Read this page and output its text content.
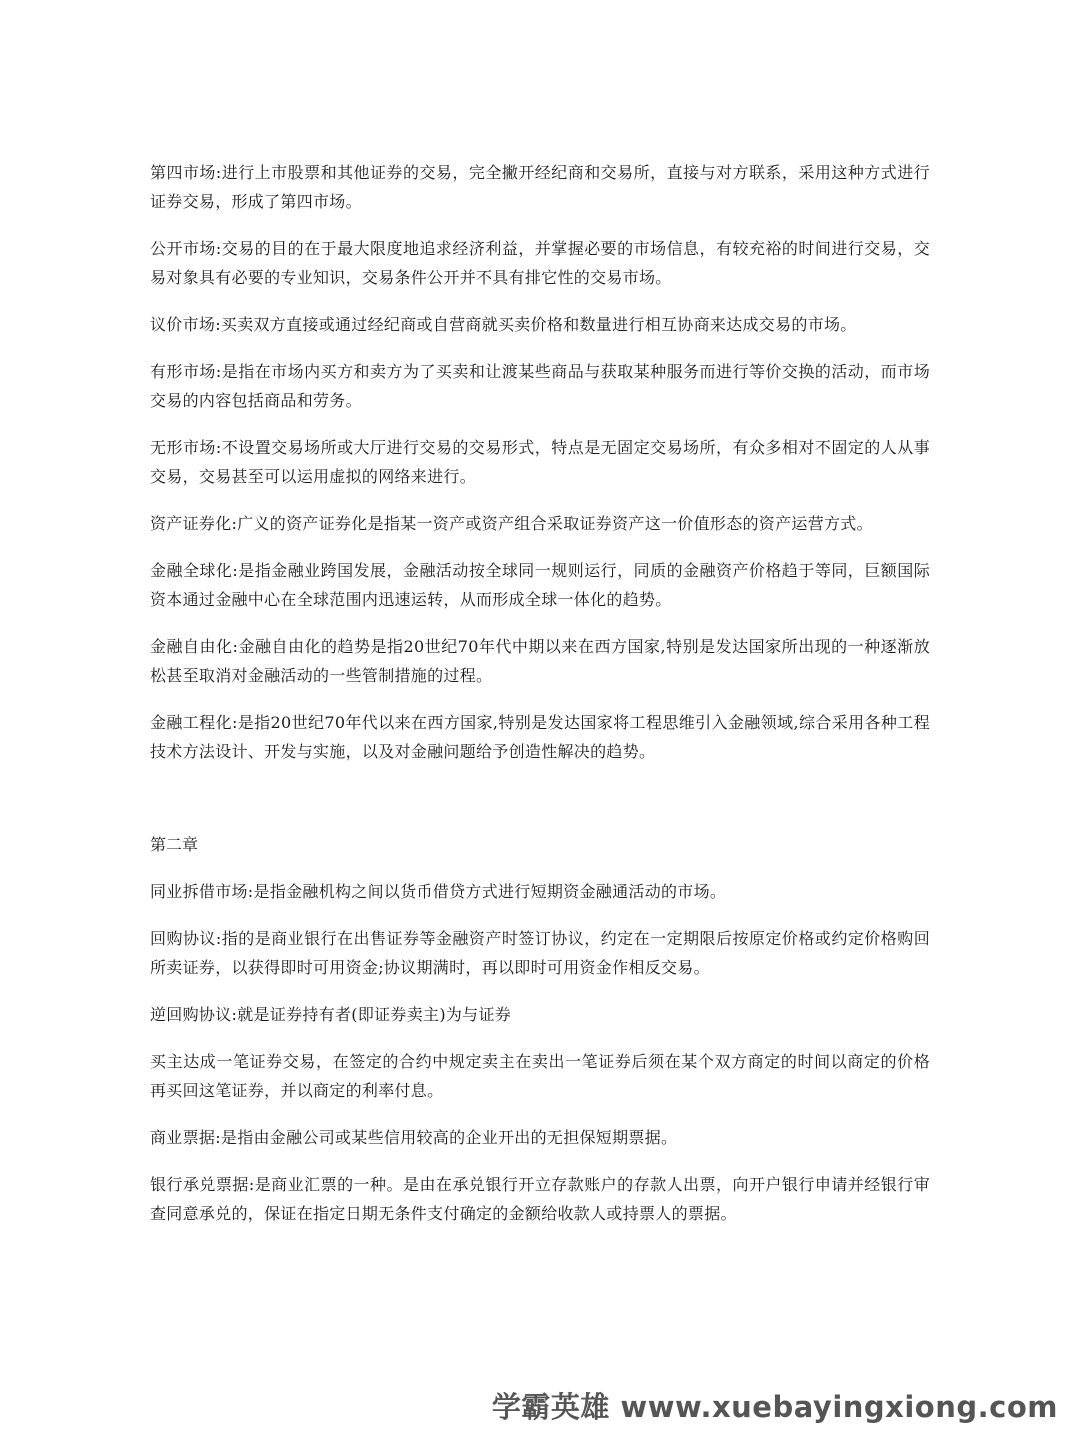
第四市场:进行上市股票和其他证券的交易，完全撇开经纪商和交易所，直接与对方联系，采用这种方式进行证券交易，形成了第四市场。

公开市场:交易的目的在于最大限度地追求经济利益，并掌握必要的市场信息，有较充裕的时间进行交易，交易对象具有必要的专业知识，交易条件公开并不具有排它性的交易市场。

议价市场:买卖双方直接或通过经纪商或自营商就买卖价格和数量进行相互协商来达成交易的市场。

有形市场:是指在市场内买方和卖方为了买卖和让渡某些商品与获取某种服务而进行等价交换的活动，而市场交易的内容包括商品和劳务。

无形市场:不设置交易场所或大厅进行交易的交易形式，特点是无固定交易场所，有众多相对不固定的人从事交易，交易甚至可以运用虚拟的网络来进行。

资产证券化:广义的资产证券化是指某一资产或资产组合采取证券资产这一价值形态的资产运营方式。

金融全球化:是指金融业跨国发展，金融活动按全球同一规则运行，同质的金融资产价格趋于等同，巨额国际资本通过金融中心在全球范围内迅速运转，从而形成全球一体化的趋势。

金融自由化:金融自由化的趋势是指20世纪70年代中期以来在西方国家,特别是发达国家所出现的一种逐渐放松甚至取消对金融活动的一些管制措施的过程。

金融工程化:是指20世纪70年代以来在西方国家,特别是发达国家将工程思维引入金融领域,综合采用各种工程技术方法设计、开发与实施，以及对金融问题给予创造性解决的趋势。

第二章

同业拆借市场:是指金融机构之间以货币借贷方式进行短期资金融通活动的市场。

回购协议:指的是商业银行在出售证券等金融资产时签订协议，约定在一定期限后按原定价格或约定价格购回所卖证券，以获得即时可用资金;协议期满时，再以即时可用资金作相反交易。

逆回购协议:就是证券持有者(即证券卖主)为与证券

买主达成一笔证券交易，在签定的合约中规定卖主在卖出一笔证券后须在某个双方商定的时间以商定的价格再买回这笔证券，并以商定的利率付息。

商业票据:是指由金融公司或某些信用较高的企业开出的无担保短期票据。

银行承兑票据:是商业汇票的一种。是由在承兑银行开立存款账户的存款人出票，向开户银行申请并经银行审查同意承兑的，保证在指定日期无条件支付确定的金额给收款人或持票人的票据。

学霸英雄 www.xuebayingxiong.com
